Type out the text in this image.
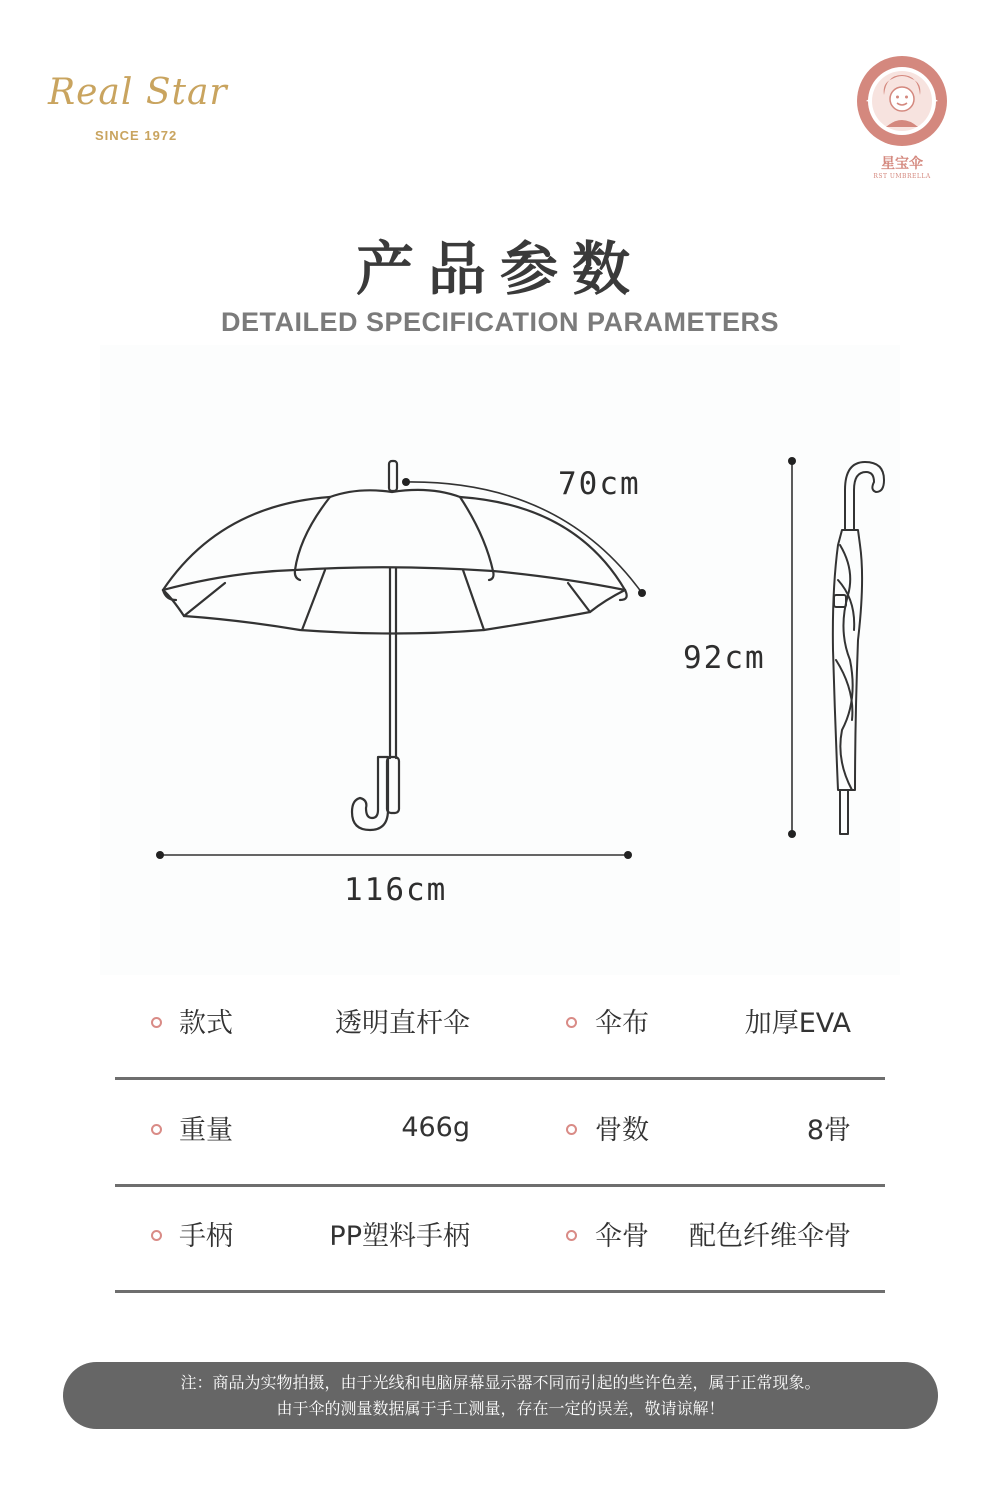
Real Star
SINCE 1972
星宝伞
RST UMBRELLA
产品参数
DETAILED SPECIFICATION PARAMETERS
70cm
92cm
116cm
款式	透明直杆伞	伞布	加厚EVA
重量	466g	骨数	8骨
手柄	PP塑料手柄	伞骨	配色纤维伞骨
注：商品为实物拍摄，由于光线和电脑屏幕显示器不同而引起的些许色差，属于正常现象。
由于伞的测量数据属于手工测量，存在一定的误差，敬请谅解！
